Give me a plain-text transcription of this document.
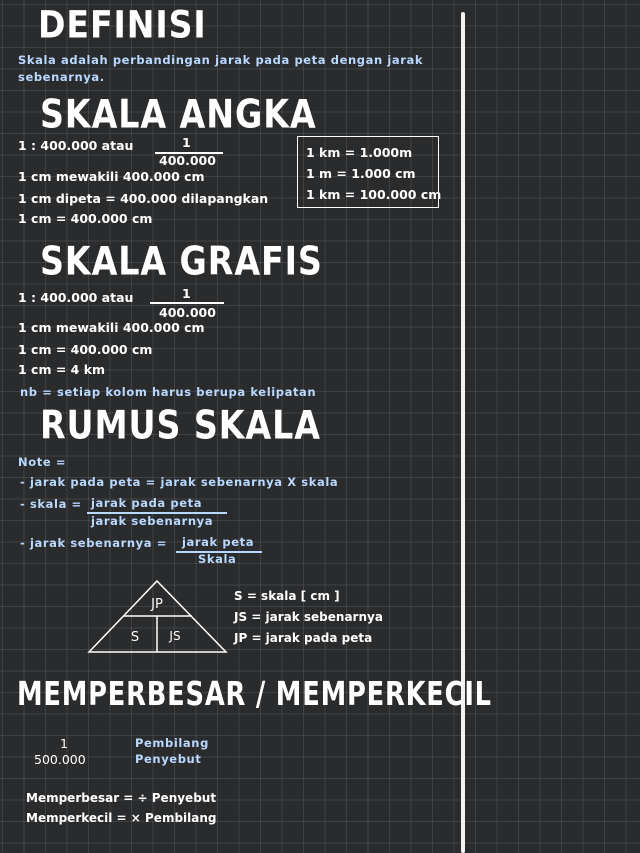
DEFINISI
Skala adalah perbandingan jarak pada peta dengan jarak
sebenarnya.
SKALA ANGKA
1 : 400.000 atau	1
400.000
1 cm mewakili 400.000 cm
1 cm dipeta = 400.000 dilapangkan
1 cm = 400.000 cm
1 km = 1.000m
1 m = 1.000 cm
1 km = 100.000 cm
SKALA GRAFIS
1 : 400.000 atau	1
400.000
1 cm mewakili 400.000 cm
1 cm = 400.000 cm
1 cm = 4 km
nb = setiap kolom harus berupa kelipatan
RUMUS SKALA
Note =
- jarak pada peta = jarak sebenarnya X skala
- skala = jarak pada peta
jarak sebenarnya
- jarak sebenarnya = jarak peta
Skala
JP
S	JS
S = skala [ cm ]
JS = jarak sebenarnya
JP = jarak pada peta
MEMPERBESAR / MEMPERKECIL
1
500.000
Pembilang
Penyebut
Memperbesar = ÷ Penyebut
Memperkecil = × Pembilang
